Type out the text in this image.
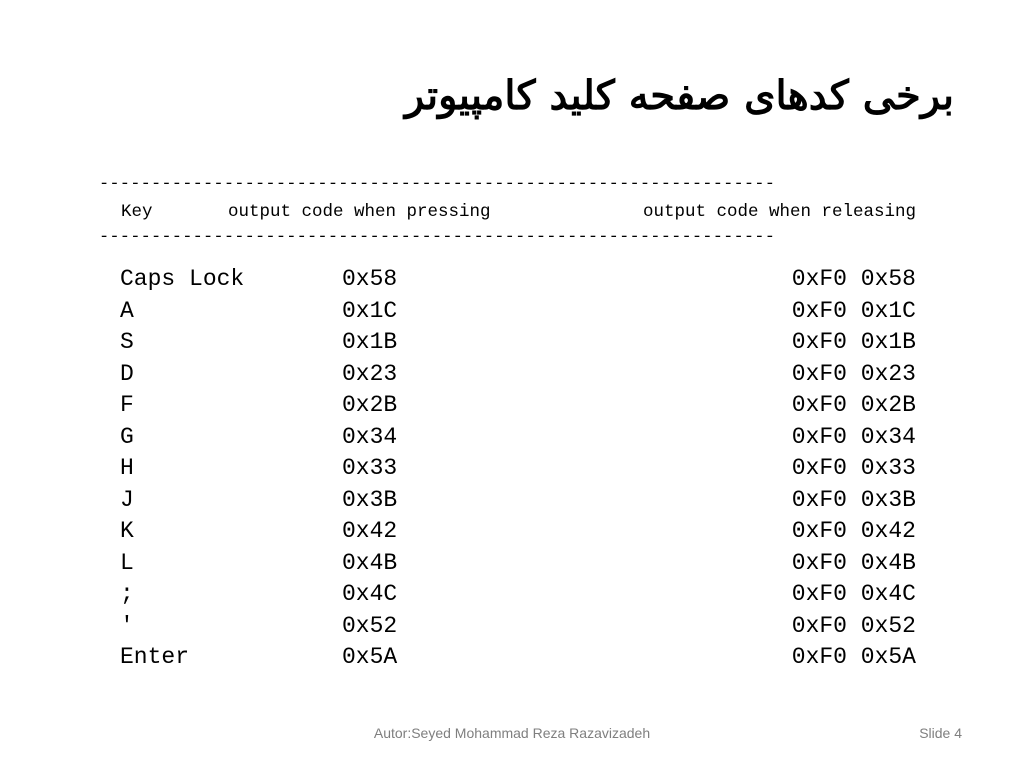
برخی کدهای صفحه کلید کامپیوتر
-----------------------------------------------------------------
Key	output code when pressing	output code when releasing
-----------------------------------------------------------------
Caps Lock	0x58	0xF0 0x58
A	0x1C	0xF0 0x1C
S	0x1B	0xF0 0x1B
D	0x23	0xF0 0x23
F	0x2B	0xF0 0x2B
G	0x34	0xF0 0x34
H	0x33	0xF0 0x33
J	0x3B	0xF0 0x3B
K	0x42	0xF0 0x42
L	0x4B	0xF0 0x4B
;	0x4C	0xF0 0x4C
'	0x52	0xF0 0x52
Enter	0x5A	0xF0 0x5A
Autor:Seyed Mohammad Reza Razavizadeh	Slide 4
